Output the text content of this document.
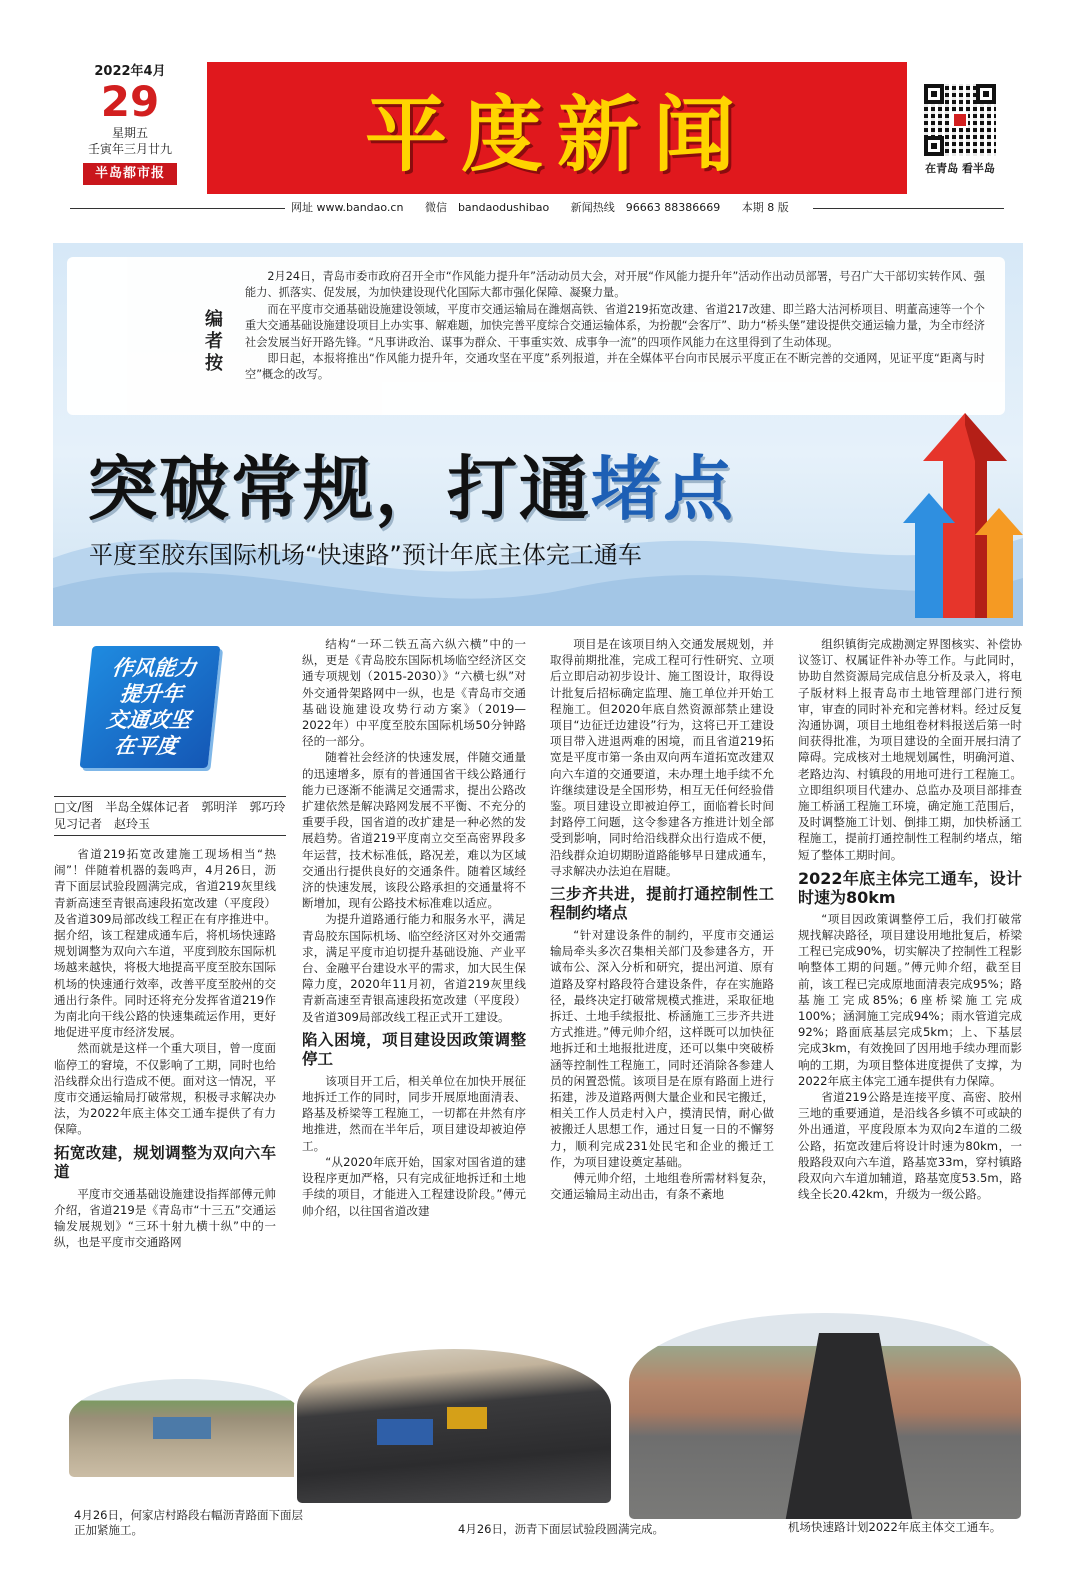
2022年4月
29
星期五
壬寅年三月廿九
半岛都市报 平度新闻	在青岛 看半岛
网址 www.bandao.cn 微信　bandaodushibao 新闻热线　96663 88386669 本期 8 版
编者按

2月24日，青岛市委市政府召开全市“作风能力提升年”活动动员大会，对开展“作风能力提升年”活动作出动员部署，号召广大干部切实转作风、强能力、抓落实、促发展，为加快建设现代化国际大都市强化保障、凝聚力量。

而在平度市交通基础设施建设领域，平度市交通运输局在潍烟高铁、省道219拓宽改建、省道217改建、即兰路大沽河桥项目、明董高速等一个个重大交通基础设施建设项目上办实事、解难题，加快完善平度综合交通运输体系，为扮靓“会客厅”、助力“桥头堡”建设提供交通运输力量，为全市经济社会发展当好开路先锋。“凡事讲政治、谋事为群众、干事重实效、成事争一流”的四项作风能力在这里得到了生动体现。

即日起，本报将推出“作风能力提升年，交通攻坚在平度”系列报道，并在全媒体平台向市民展示平度正在不断完善的交通网，见证平度“距离与时空”概念的改写。

突破常规，打通堵点
平度至胶东国际机场“快速路”预计年底主体完工通车
作风能力
提升年
交通攻坚
在平度
□文/图　半岛全媒体记者　郭明洋　郭巧玲　见习记者　赵玲玉

省道219拓宽改建施工现场相当“热闹”！伴随着机器的轰鸣声，4月26日，沥青下面层试验段圆满完成，省道219灰里线青新高速至青银高速段拓宽改建（平度段）及省道309局部改线工程正在有序推进中。据介绍，该工程建成通车后，将机场快速路规划调整为双向六车道，平度到胶东国际机场越来越快，将极大地提高平度至胶东国际机场的快速通行效率，改善平度至胶州的交通出行条件。同时还将充分发挥省道219作为南北向干线公路的快速集疏运作用，更好地促进平度市经济发展。

然而就是这样一个重大项目，曾一度面临停工的窘境，不仅影响了工期，同时也给沿线群众出行造成不便。面对这一情况，平度市交通运输局打破常规，积极寻求解决办法，为2022年底主体交工通车提供了有力保障。

拓宽改建，规划调整为双向六车道

平度市交通基础设施建设指挥部傅元帅介绍，省道219是《青岛市“十三五”交通运输发展规划》“三环十射九横十纵”中的一纵，也是平度市交通路网

结构“一环二铁五高六纵六横”中的一纵，更是《青岛胶东国际机场临空经济区交通专项规划（2015-2030）》“六横七纵”对外交通骨架路网中一纵，也是《青岛市交通基础设施建设攻势行动方案》（2019—2022年）中平度至胶东国际机场50分钟路径的一部分。

随着社会经济的快速发展，伴随交通量的迅速增多，原有的普通国省干线公路通行能力已逐渐不能满足交通需求，提出公路改扩建依然是解决路网发展不平衡、不充分的重要手段，国省道的改扩建是一种必然的发展趋势。省道219平度南立交至高密界段多年运营，技术标准低，路况差，难以为区域交通出行提供良好的交通条件。随着区域经济的快速发展，该段公路承担的交通量将不断增加，现有公路技术标准难以适应。

为提升道路通行能力和服务水平，满足青岛胶东国际机场、临空经济区对外交通需求，满足平度市迫切提升基础设施、产业平台、金融平台建设水平的需求，加大民生保障力度，2020年11月初，省道219灰里线青新高速至青银高速段拓宽改建（平度段）及省道309局部改线工程正式开工建设。

陷入困境，项目建设因政策调整停工

该项目开工后，相关单位在加快开展征地拆迁工作的同时，同步开展原地面清表、路基及桥梁等工程施工，一切都在井然有序地推进，然而在半年后，项目建设却被迫停工。

“从2020年底开始，国家对国省道的建设程序更加严格，只有完成征地拆迁和土地手续的项目，才能进入工程建设阶段。”傅元帅介绍，以往国省道改建

项目是在该项目纳入交通发展规划，并取得前期批准，完成工程可行性研究、立项后立即启动初步设计、施工图设计，取得设计批复后招标确定监理、施工单位并开始工程施工。但2020年底自然资源部禁止建设项目“边征迁边建设”行为，这将已开工建设项目带入进退两难的困境，而且省道219拓宽是平度市第一条由双向两车道拓宽改建双向六车道的交通要道，未办理土地手续不允许继续建设是全国形势，相互无任何经验借鉴。项目建设立即被迫停工，面临着长时间封路停工问题，这令参建各方推进计划全部受到影响，同时给沿线群众出行造成不便，沿线群众迫切期盼道路能够早日建成通车，寻求解决办法迫在眉睫。

三步齐共进，提前打通控制性工程制约堵点

“针对建设条件的制约，平度市交通运输局牵头多次召集相关部门及参建各方，开诚布公、深入分析和研究，提出河道、原有道路及穿村路段符合建设条件，存在实施路径，最终决定打破常规模式推进，采取征地拆迁、土地手续报批、桥涵施工三步齐共进方式推进。”傅元帅介绍，这样既可以加快征地拆迁和土地报批进度，还可以集中突破桥涵等控制性工程施工，同时还消除各参建人员的闲置恐慌。该项目是在原有路面上进行拓建，涉及道路两侧大量企业和民宅搬迁，相关工作人员走村入户，摸清民情，耐心做被搬迁人思想工作，通过日复一日的不懈努力，顺利完成231处民宅和企业的搬迁工作，为项目建设奠定基础。

傅元帅介绍，土地组卷所需材料复杂，交通运输局主动出击，有条不紊地

组织镇街完成勘测定界图核实、补偿协议签订、权属证件补办等工作。与此同时，协助自然资源局完成信息分析及录入，将电子版材料上报青岛市土地管理部门进行预审，审查的同时补充和完善材料。经过反复沟通协调，项目土地组卷材料报送后第一时间获得批准，为项目建设的全面开展扫清了障碍。完成核对土地规划属性，明确河道、老路边沟、村镇段的用地可进行工程施工。立即组织项目代建办、总监办及项目部排查施工桥涵工程施工环境，确定施工范围后，及时调整施工计划、倒排工期，加快桥涵工程施工，提前打通控制性工程制约堵点，缩短了整体工期时间。

2022年底主体完工通车，设计时速为80km

“项目因政策调整停工后，我们打破常规找解决路径，项目建设用地批复后，桥梁工程已完成90%，切实解决了控制性工程影响整体工期的问题。”傅元帅介绍，截至目前，该工程已完成原地面清表完成95%；路基施工完成85%；6座桥梁施工完成100%；涵洞施工完成94%；雨水管道完成92%；路面底基层完成5km；上、下基层完成3km，有效挽回了因用地手续办理而影响的工期，为项目整体进度提供了支撑，为2022年底主体完工通车提供有力保障。

省道219公路是连接平度、高密、胶州三地的重要通道，是沿线各乡镇不可或缺的外出通道，平度段原本为双向2车道的二级公路，拓宽改建后将设计时速为80km，一般路段双向六车道，路基宽33m，穿村镇路段双向六车道加辅道，路基宽度53.5m，路线全长20.42km，升级为一级公路。

4月26日，何家店村路段右幅沥青路面下面层正加紧施工。	4月26日，沥青下面层试验段圆满完成。	机场快速路计划2022年底主体交工通车。
